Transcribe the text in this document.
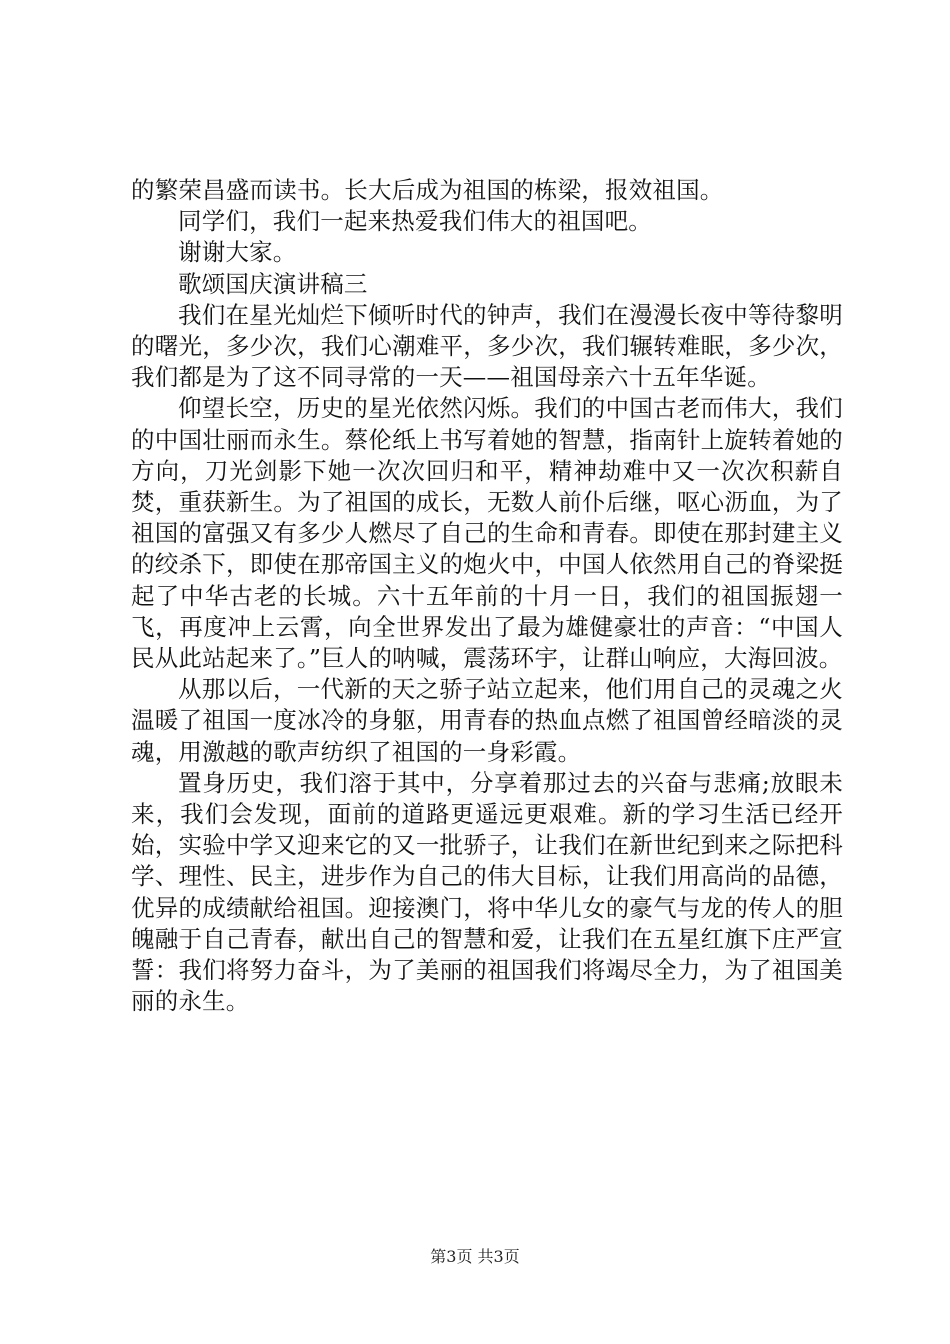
的繁荣昌盛而读书。长大后成为祖国的栋梁，报效祖国。

同学们，我们一起来热爱我们伟大的祖国吧。

谢谢大家。

歌颂国庆演讲稿三

我们在星光灿烂下倾听时代的钟声，我们在漫漫长夜中等待黎明的曙光，多少次，我们心潮难平，多少次，我们辗转难眠，多少次，我们都是为了这不同寻常的一天——祖国母亲六十五年华诞。

仰望长空，历史的星光依然闪烁。我们的中国古老而伟大，我们的中国壮丽而永生。蔡伦纸上书写着她的智慧，指南针上旋转着她的方向，刀光剑影下她一次次回归和平，精神劫难中又一次次积薪自焚，重获新生。为了祖国的成长，无数人前仆后继，呕心沥血，为了祖国的富强又有多少人燃尽了自己的生命和青春。即使在那封建主义的绞杀下，即使在那帝国主义的炮火中，中国人依然用自己的脊梁挺起了中华古老的长城。六十五年前的十月一日，我们的祖国振翅一飞，再度冲上云霄，向全世界发出了最为雄健豪壮的声音：“中国人民从此站起来了。”巨人的呐喊，震荡环宇，让群山响应，大海回波。

从那以后，一代新的天之骄子站立起来，他们用自己的灵魂之火温暖了祖国一度冰冷的身躯，用青春的热血点燃了祖国曾经暗淡的灵魂，用激越的歌声纺织了祖国的一身彩霞。

置身历史，我们溶于其中，分享着那过去的兴奋与悲痛;放眼未来，我们会发现，面前的道路更遥远更艰难。新的学习生活已经开始，实验中学又迎来它的又一批骄子，让我们在新世纪到来之际把科学、理性、民主，进步作为自己的伟大目标，让我们用高尚的品德，优异的成绩献给祖国。迎接澳门，将中华儿女的豪气与龙的传人的胆魄融于自己青春，献出自己的智慧和爱，让我们在五星红旗下庄严宣誓：我们将努力奋斗，为了美丽的祖国我们将竭尽全力，为了祖国美丽的永生。

第3页 共3页
